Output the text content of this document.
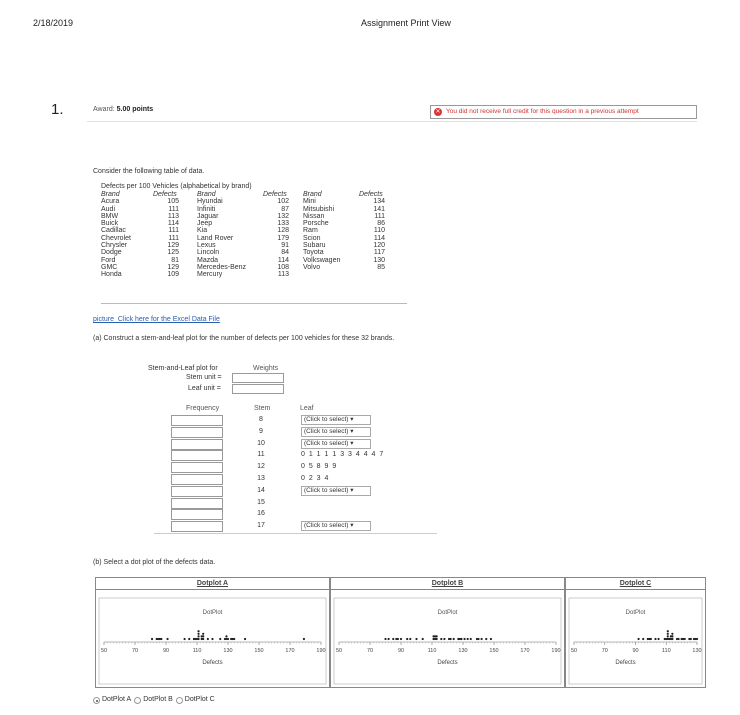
2/18/2019	Assignment Print View
1.	Award: 5.00 points	✕ You did not receive full credit for this question in a previous attempt
Consider the following table of data.
Defects per 100 Vehicles (alphabetical by brand)
Brand	Defects		Brand	Defects		Brand	Defects
Acura	105		Hyundai	102		Mini	134
Audi	111		Infiniti	87		Mitsubishi	141
BMW	113		Jaguar	132		Nissan	111
Buick	114		Jeep	133		Porsche	86
Cadillac	111		Kia	128		Ram	110
Chevrolet	111		Land Rover	179		Scion	114
Chrysler	129		Lexus	91		Subaru	120
Dodge	125		Lincoln	84		Toyota	117
Ford	81		Mazda	114		Volkswagen	130
GMC	129		Mercedes-Benz	108		Volvo	85
Honda	109		Mercury	113			
picture_Click here for the Excel Data File
(a) Construct a stem-and-leaf plot for the number of defects per 100 vehicles for these 32 brands.
Stem-and-Leaf plot for	Weights
Stem unit =
Leaf unit =
Frequency	Stem	Leaf
8	(Click to select) ▾
9	(Click to select) ▾
10	(Click to select) ▾
11	0 1 1 1 1 3 3 4 4 4 7
12	0 5 8 9 9
13	0 2 3 4
14	(Click to select) ▾
15
16
17	(Click to select) ▾
(b) Select a dot plot of the defects data.
Dotplot A
DotPlot
50	70	90	110	130	150	170	190
Defects
Dotplot B
DotPlot
50	70	90	110	130	150	170	190
Defects
Dotplot C
DotPlot
50	70	90	110	130
Defects
DotPlot A DotPlot B DotPlot C
